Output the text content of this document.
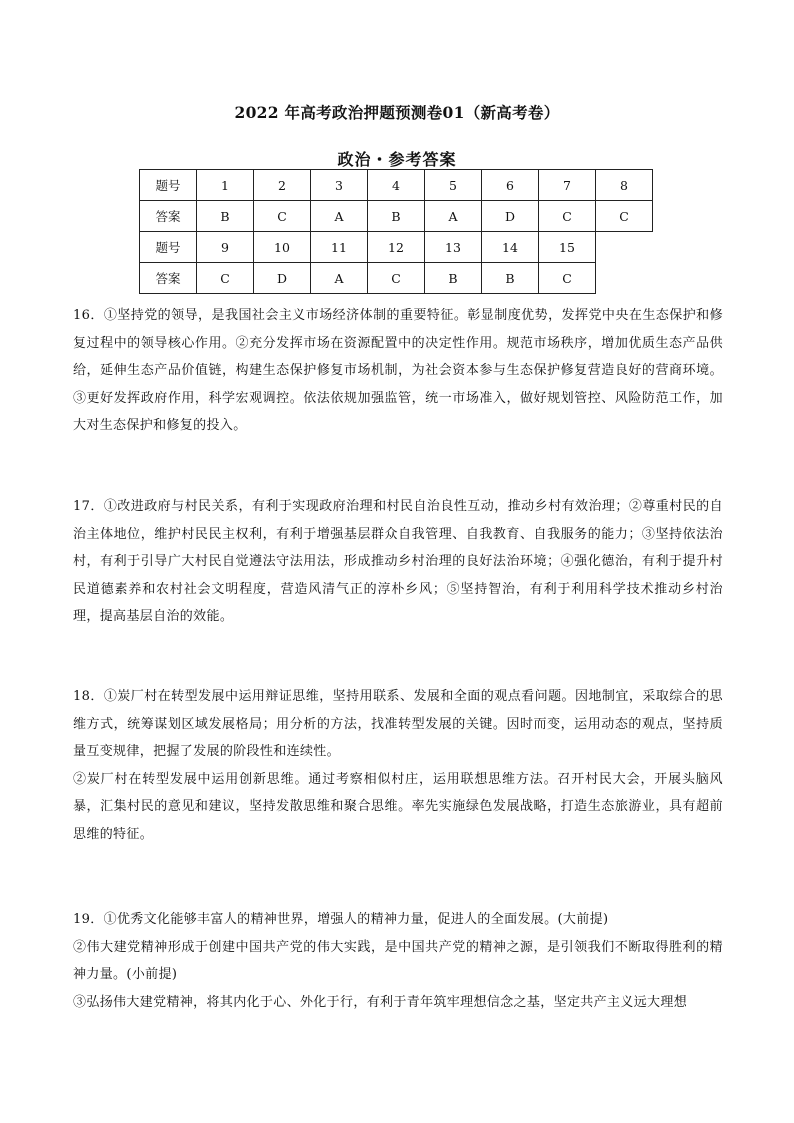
2022 年高考政治押题预测卷01（新高考卷）
政治・参考答案
题号	1	2	3	4	5	6	7	8
答案	B	C	A	B	A	D	C	C
题号	9	10	11	12	13	14	15	
答案	C	D	A	C	B	B	C	

16．①坚持党的领导，是我国社会主义市场经济体制的重要特征。彰显制度优势，发挥党中央在生态保护和修复过程中的领导核心作用。②充分发挥市场在资源配置中的决定性作用。规范市场秩序，增加优质生态产品供给，延伸生态产品价值链，构建生态保护修复市场机制，为社会资本参与生态保护修复营造良好的营商环境。③更好发挥政府作用，科学宏观调控。依法依规加强监管，统一市场准入，做好规划管控、风险防范工作，加大对生态保护和修复的投入。

17．①改进政府与村民关系，有利于实现政府治理和村民自治良性互动，推动乡村有效治理；②尊重村民的自治主体地位，维护村民民主权利，有利于增强基层群众自我管理、自我教育、自我服务的能力；③坚持依法治村，有利于引导广大村民自觉遵法守法用法，形成推动乡村治理的良好法治环境；④强化德治，有利于提升村民道德素养和农村社会文明程度，营造风清气正的淳朴乡风；⑤坚持智治，有利于利用科学技术推动乡村治理，提高基层自治的效能。

18．①炭厂村在转型发展中运用辩证思维，坚持用联系、发展和全面的观点看问题。因地制宜，采取综合的思维方式，统筹谋划区域发展格局；用分析的方法，找准转型发展的关键。因时而变，运用动态的观点，坚持质量互变规律，把握了发展的阶段性和连续性。

②炭厂村在转型发展中运用创新思维。通过考察相似村庄，运用联想思维方法。召开村民大会，开展头脑风暴，汇集村民的意见和建议，坚持发散思维和聚合思维。率先实施绿色发展战略，打造生态旅游业，具有超前思维的特征。

19．①优秀文化能够丰富人的精神世界，增强人的精神力量，促进人的全面发展。(大前提)

②伟大建党精神形成于创建中国共产党的伟大实践，是中国共产党的精神之源，是引领我们不断取得胜利的精神力量。(小前提)

③弘扬伟大建党精神，将其内化于心、外化于行，有利于青年筑牢理想信念之基，坚定共产主义远大理想
